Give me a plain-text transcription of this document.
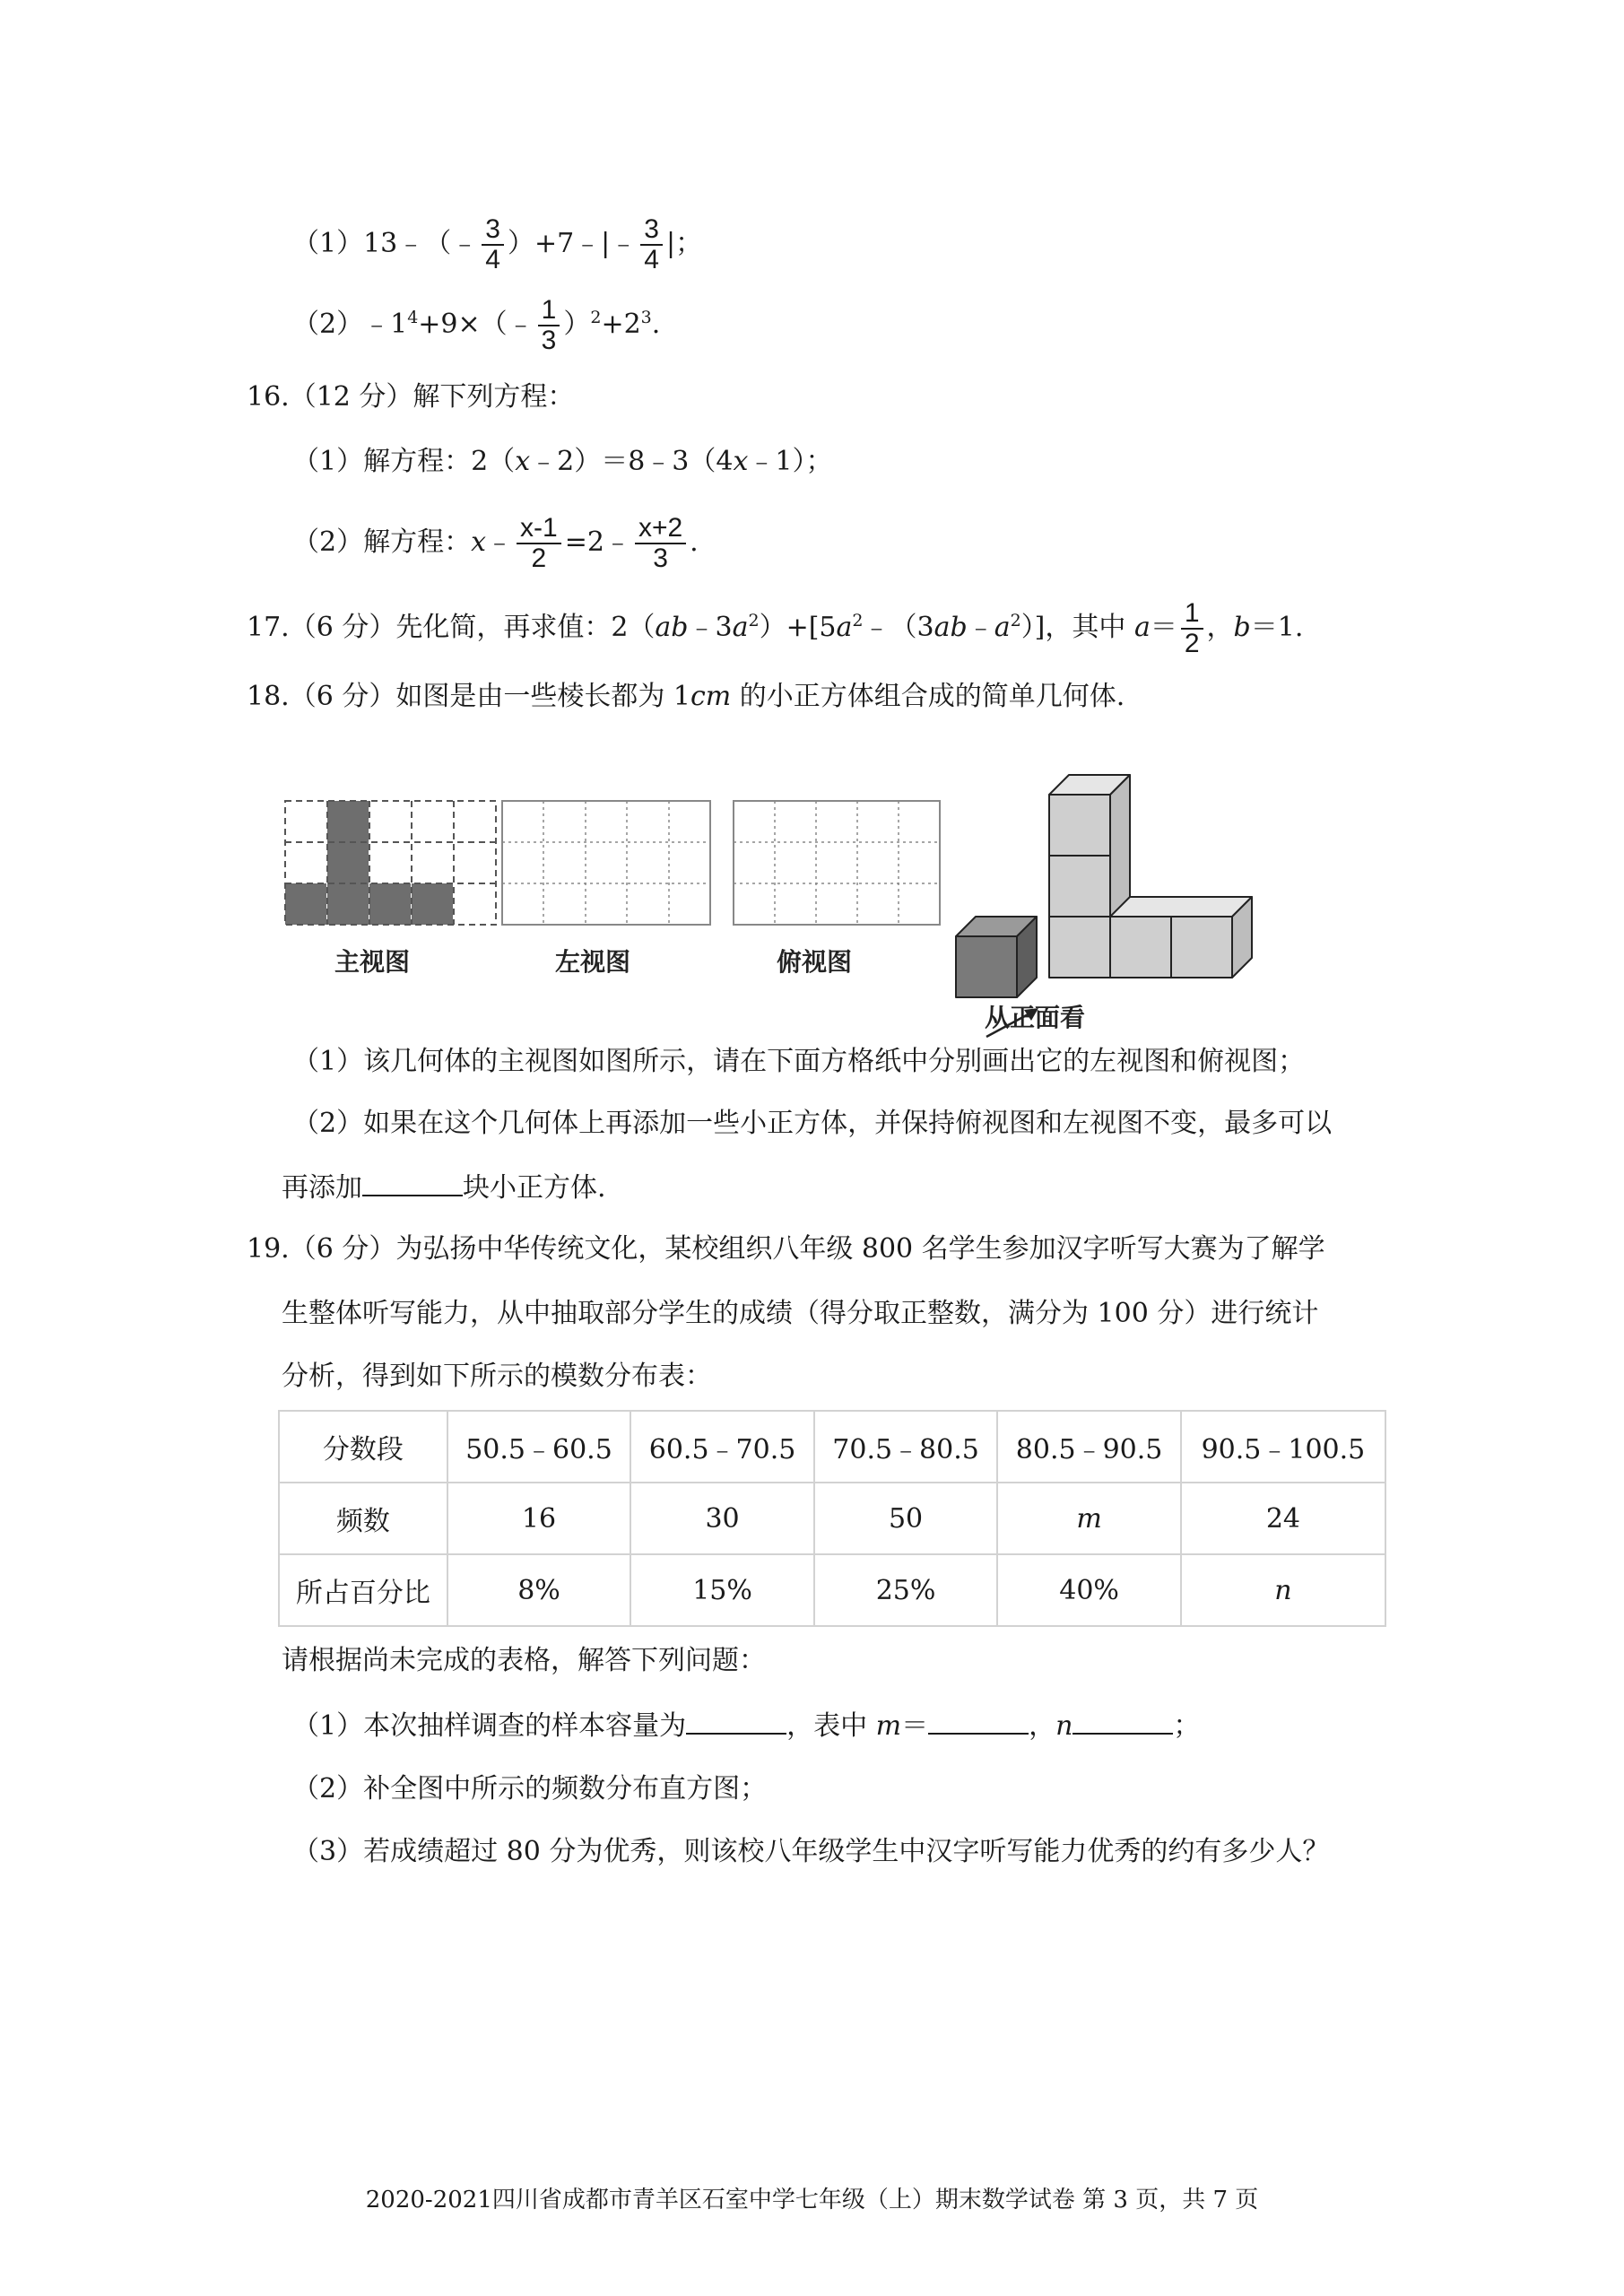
（1）13﹣（﹣ $\frac{3}{4}$ ）+7﹣|﹣ $\frac{3}{4}$ |；
$(2)﹣1^4+9\times(﹣ \frac{1}{3} )^2+2^3$.
16.（12 分）解下列方程：
（1）解方程：2（x﹣2）＝8﹣3（4x﹣1）；
（2）解方程：x﹣ $\frac{x-1}{2}$ =2﹣ $\frac{x+2}{3}$ .
17.（6 分）先化简，再求值：$2(ab﹣3a^2)+[5a^2﹣(3ab﹣a^2)]$，其中 $a= \frac{1}{2}$ ，b＝1.
18.（6 分）如图是由一些棱长都为 1cm 的小正方体组合成的简单几何体.
主视图	左视图	俯视图
从正面看
（1）该几何体的主视图如图所示，请在下面方格纸中分别画出它的左视图和俯视图；
（2）如果在这个几何体上再添加一些小正方体，并保持俯视图和左视图不变，最多可以
再添加	块小正方体.
19.（6 分）为弘扬中华传统文化，某校组织八年级 800 名学生参加汉字听写大赛为了解学
生整体听写能力，从中抽取部分学生的成绩（得分取正整数，满分为 100 分）进行统计
分析，得到如下所示的模数分布表：
分数段	50.5﹣60.5	60.5﹣70.5	70.5﹣80.5	80.5﹣90.5	90.5﹣100.5
频数	16	30	50	m	24
所占百分比	8%	15%	25%	40%	n
请根据尚未完成的表格，解答下列问题：
（1）本次抽样调查的样本容量为	，表中 m＝	，n	；
（2）补全图中所示的频数分布直方图；
（3）若成绩超过 80 分为优秀，则该校八年级学生中汉字听写能力优秀的约有多少人？
2020-2021四川省成都市青羊区石室中学七年级（上）期末数学试卷 第 3 页，共 7 页
